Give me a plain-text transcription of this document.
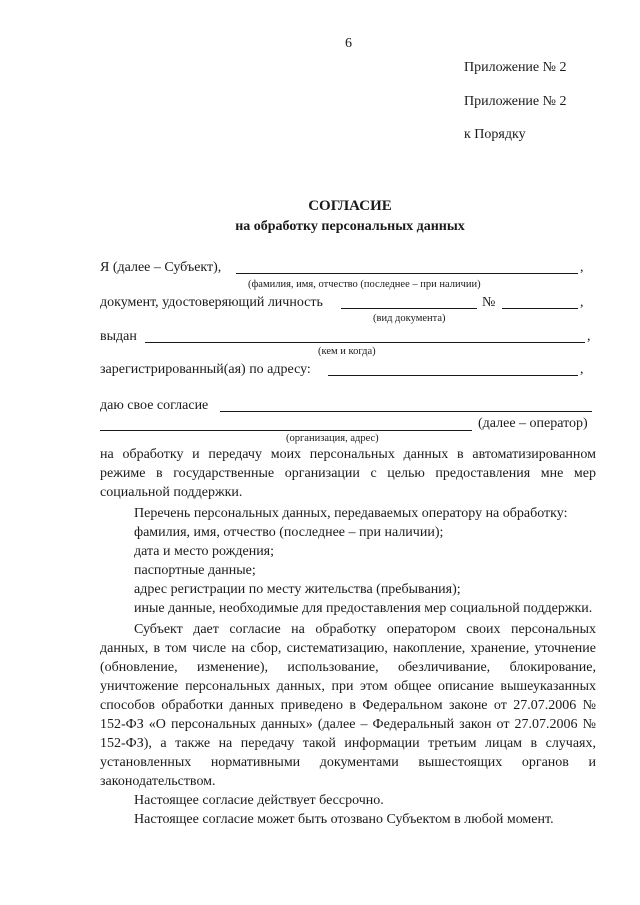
6
Приложение № 2
Приложение № 2
к Порядку
СОГЛАСИЕ
на обработку персональных данных
Я (далее – Субъект),	,
(фамилия, имя, отчество (последнее – при наличии)
документ, удостоверяющий личность	№	,
(вид документа)
выдан	,
(кем и когда)
зарегистрированный(ая) по адресу:	,
даю свое согласие
(далее – оператор)
(организация, адрес)

на обработку и передачу моих персональных данных в автоматизированном режиме в государственные организации с целью предоставления мне мер социальной поддержки.

Перечень персональных данных, передаваемых оператору на обработку:

фамилия, имя, отчество (последнее – при наличии);

дата и место рождения;

паспортные данные;

адрес регистрации по месту жительства (пребывания);

иные данные, необходимые для предоставления мер социальной поддержки.

Субъект дает согласие на обработку оператором своих персональных данных, в том числе на сбор, систематизацию, накопление, хранение, уточнение (обновление, изменение), использование, обезличивание, блокирование, уничтожение персональных данных, при этом общее описание вышеуказанных способов обработки данных приведено в Федеральном законе от 27.07.2006 № 152-ФЗ «О персональных данных» (далее – Федеральный закон от 27.07.2006 № 152-ФЗ), а также на передачу такой информации третьим лицам в случаях, установленных нормативными документами вышестоящих органов и законодательством.

Настоящее согласие действует бессрочно.

Настоящее согласие может быть отозвано Субъектом в любой момент.
